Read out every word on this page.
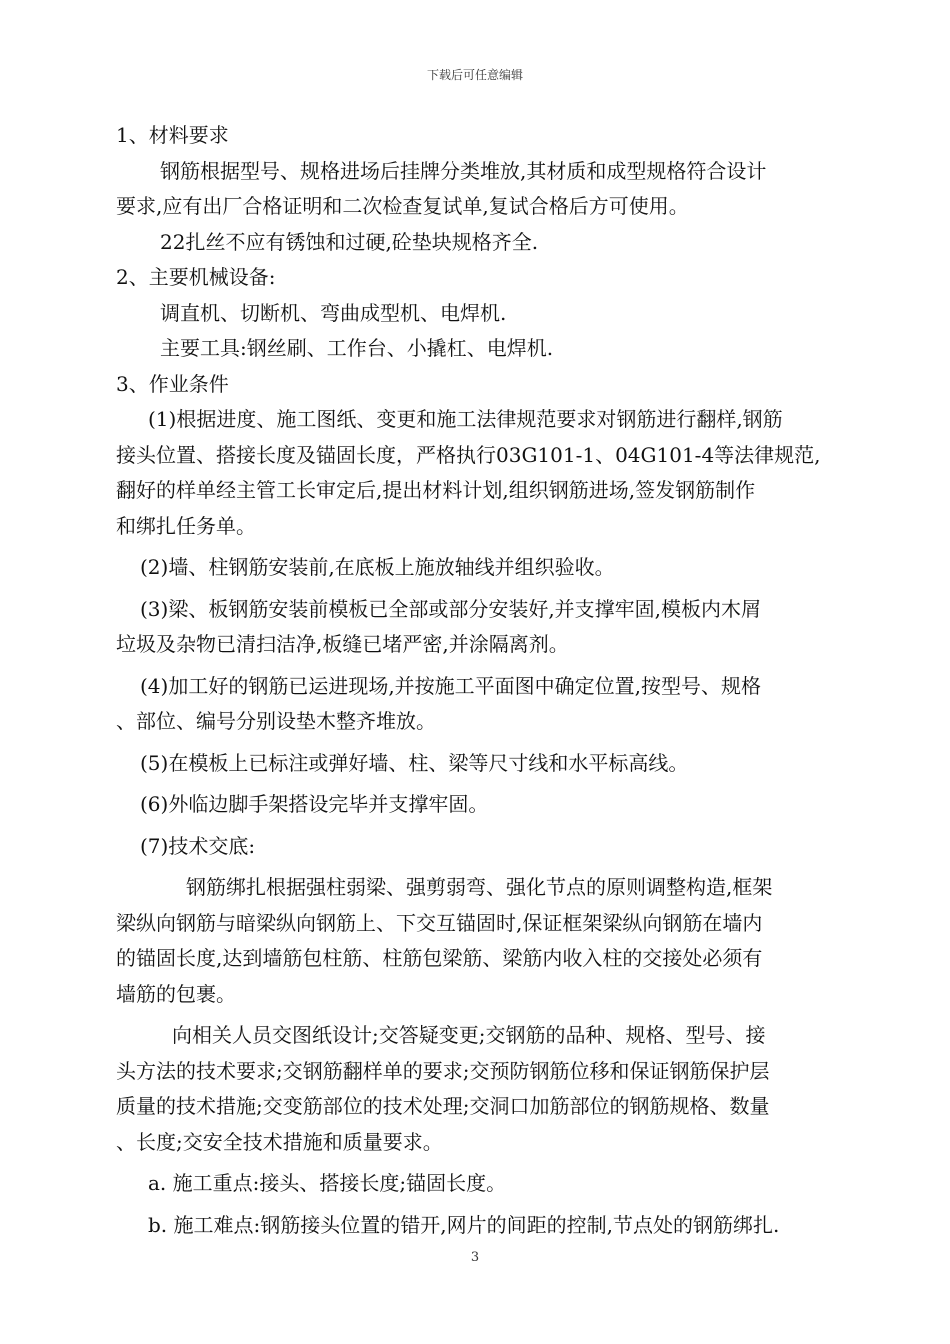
下载后可任意编辑

1、材料要求

钢筋根据型号、规格进场后挂牌分类堆放,其材质和成型规格符合设计

要求,应有出厂合格证明和二次检查复试单,复试合格后方可使用。

22扎丝不应有锈蚀和过硬,砼垫块规格齐全.

2、主要机械设备:

调直机、切断机、弯曲成型机、电焊机.

主要工具:钢丝刷、工作台、小撬杠、电焊机.

3、作业条件

(1)根据进度、施工图纸、变更和施工法律规范要求对钢筋进行翻样,钢筋

接头位置、搭接长度及锚固长度，严格执行03G101-1、04G101-4等法律规范,

翻好的样单经主管工长审定后,提出材料计划,组织钢筋进场,签发钢筋制作

和绑扎任务单。

(2)墙、柱钢筋安装前,在底板上施放轴线并组织验收。

(3)梁、板钢筋安装前模板已全部或部分安装好,并支撑牢固,模板内木屑

垃圾及杂物已清扫洁净,板缝已堵严密,并涂隔离剂。

(4)加工好的钢筋已运进现场,并按施工平面图中确定位置,按型号、规格

、部位、编号分别设垫木整齐堆放。

(5)在模板上已标注或弹好墙、柱、梁等尺寸线和水平标高线。

(6)外临边脚手架搭设完毕并支撑牢固。

(7)技术交底:

钢筋绑扎根据强柱弱梁、强剪弱弯、强化节点的原则调整构造,框架

梁纵向钢筋与暗梁纵向钢筋上、下交互锚固时,保证框架梁纵向钢筋在墙内

的锚固长度,达到墙筋包柱筋、柱筋包梁筋、梁筋内收入柱的交接处必须有

墙筋的包裹。

向相关人员交图纸设计;交答疑变更;交钢筋的品种、规格、型号、接

头方法的技术要求;交钢筋翻样单的要求;交预防钢筋位移和保证钢筋保护层

质量的技术措施;交变筋部位的技术处理;交洞口加筋部位的钢筋规格、数量

、长度;交安全技术措施和质量要求。

a. 施工重点:接头、搭接长度;锚固长度。

b. 施工难点:钢筋接头位置的错开,网片的间距的控制,节点处的钢筋绑扎.

3
